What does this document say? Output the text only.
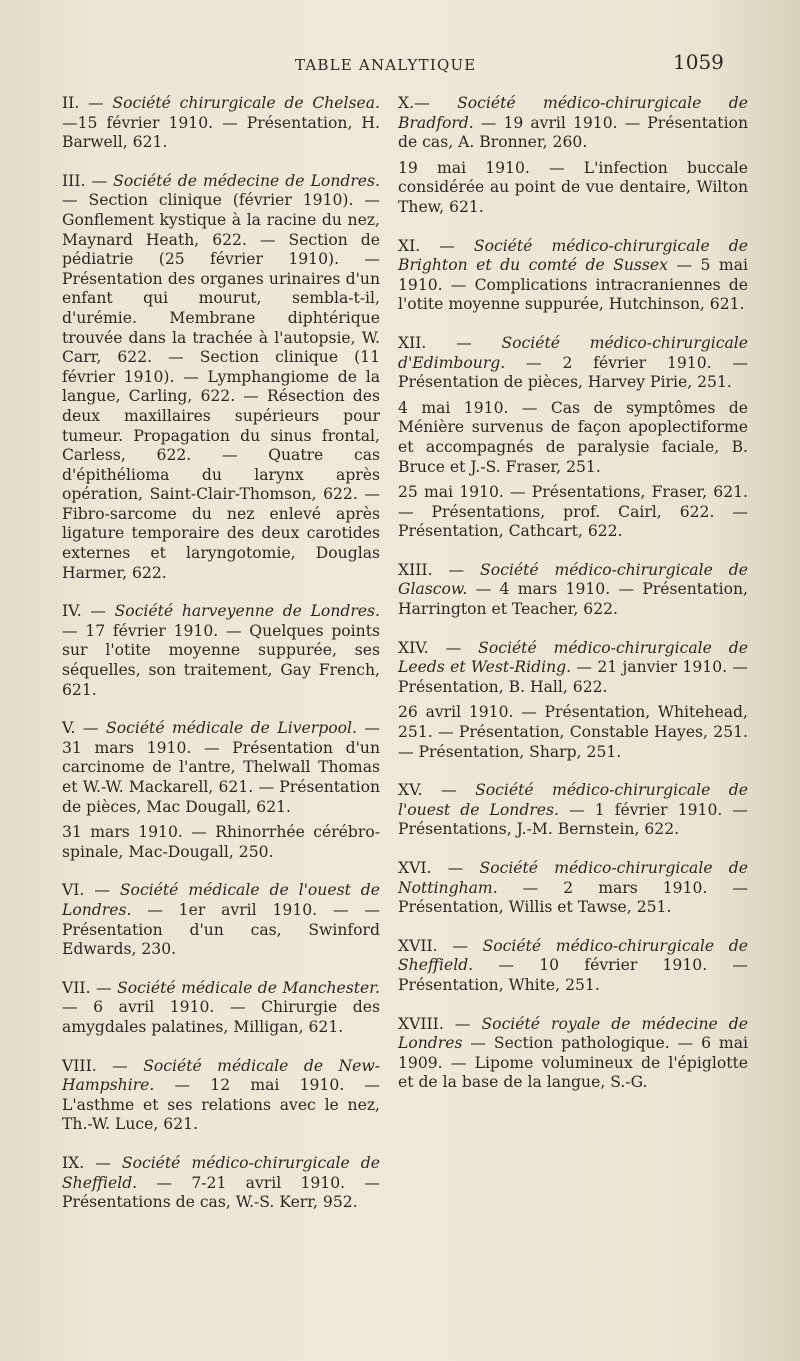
TABLE ANALYTIQUE	1059
II. — Société chirurgicale de Chelsea. —15 février 1910. — Présentation, H. Barwell, 621.
III. — Société de médecine de Londres. — Section clinique (février 1910). — Gonflement kystique à la racine du nez, Maynard Heath, 622. — Section de pédiatrie (25 février 1910). — Présentation des organes urinaires d'un enfant qui mourut, sembla-t-il, d'urémie. Membrane diphtérique trouvée dans la trachée à l'autopsie, W. Carr, 622. — Section clinique (11 février 1910). — Lymphangiome de la langue, Carling, 622. — Résection des deux maxillaires supérieurs pour tumeur. Propagation du sinus frontal, Carless, 622. — Quatre cas d'épithélioma du larynx après opération, Saint-Clair-Thomson, 622. — Fibro-sarcome du nez enlevé après ligature temporaire des deux carotides externes et laryngotomie, Douglas Harmer, 622.
IV. — Société harveyenne de Londres. — 17 février 1910. — Quelques points sur l'otite moyenne suppurée, ses séquelles, son traitement, Gay French, 621.
V. — Société médicale de Liverpool. — 31 mars 1910. — Présentation d'un carcinome de l'antre, Thelwall Thomas et W.-W. Mackarell, 621. — Présentation de pièces, Mac Dougall, 621.
31 mars 1910. — Rhinorrhée cérébro-spinale, Mac-Dougall, 250.
VI. — Société médicale de l'ouest de Londres. — 1er avril 1910. — — Présentation d'un cas, Swinford Edwards, 230.
VII. — Société médicale de Manchester. — 6 avril 1910. — Chirurgie des amygdales palatines, Milligan, 621.
VIII. — Société médicale de New-Hampshire. — 12 mai 1910. — L'asthme et ses relations avec le nez, Th.-W. Luce, 621.
IX. — Société médico-chirurgicale de Sheffield. — 7-21 avril 1910. — Présentations de cas, W.-S. Kerr, 952.
X.— Société médico-chirurgicale de Bradford. — 19 avril 1910. — Présentation de cas, A. Bronner, 260.
19 mai 1910. — L'infection buccale considérée au point de vue dentaire, Wilton Thew, 621.
XI. — Société médico-chirurgicale de Brighton et du comté de Sussex — 5 mai 1910. — Complications intracraniennes de l'otite moyenne suppurée, Hutchinson, 621.
XII. — Société médico-chirurgicale d'Edimbourg. — 2 février 1910. — Présentation de pièces, Harvey Pirie, 251.
4 mai 1910. — Cas de symptômes de Ménière survenus de façon apoplectiforme et accompagnés de paralysie faciale, B. Bruce et J.-S. Fraser, 251.
25 mai 1910. — Présentations, Fraser, 621. — Présentations, prof. Cairl, 622. — Présentation, Cathcart, 622.
XIII. — Société médico-chirurgicale de Glascow. — 4 mars 1910. — Présentation, Harrington et Teacher, 622.
XIV. — Société médico-chirurgicale de Leeds et West-Riding. — 21 janvier 1910. — Présentation, B. Hall, 622.
26 avril 1910. — Présentation, Whitehead, 251. — Présentation, Constable Hayes, 251. — Présentation, Sharp, 251.
XV. — Société médico-chirurgicale de l'ouest de Londres. — 1 février 1910. — Présentations, J.-M. Bernstein, 622.
XVI. — Société médico-chirurgicale de Nottingham. — 2 mars 1910. — Présentation, Willis et Tawse, 251.
XVII. — Société médico-chirurgicale de Sheffield. — 10 février 1910. — Présentation, White, 251.
XVIII. — Société royale de médecine de Londres — Section pathologique. — 6 mai 1909. — Lipome volumineux de l'épiglotte et de la base de la langue, S.-G.
